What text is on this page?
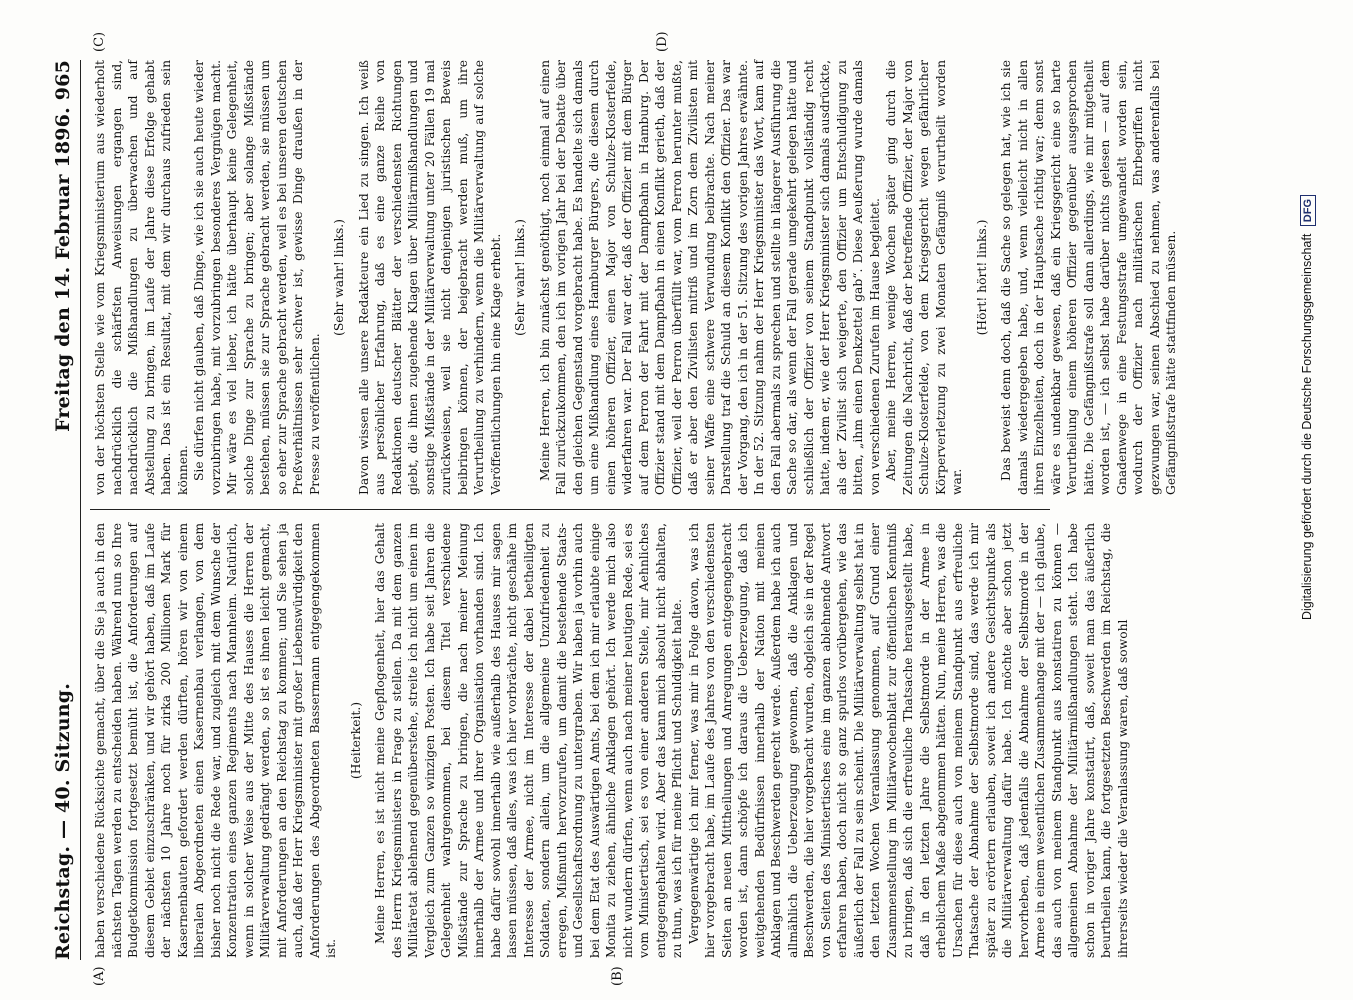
Reichstag. — 40. Sitzung.
Freitag den 14. Februar 1896. 965

haben verschiedene Rücksichte gemacht, über die Sie ja auch in den nächsten Tagen werden zu entscheiden haben. Während nun so Ihre Budgetkommission fortgesetzt bemüht ist, die Anforderungen auf diesem Gebiet einzuschränken, und wir gehört haben, daß im Laufe der nächsten 10 Jahre noch für zirka 200 Millionen Mark für Kasernenbauten gefordert werden dürften, hören wir von einem liberalen Abgeordneten einen Kasernenbau verlangen, von dem bisher noch nicht die Rede war, und zugleich mit dem Wunsche der Konzentration eines ganzen Regiments nach Mannheim. Natürlich, wenn in solcher Weise aus der Mitte des Hauses die Herren der Militärverwaltung gedrängt werden, so ist es ihnen leicht gemacht, mit Anforderungen an den Reichstag zu kommen; und Sie sehen ja auch, daß der Herr Kriegsminister mit großer Liebenswürdigkeit den Anforderungen des Abgeordneten Bassermann entgegengekommen ist.

(Heiterkeit.) Meine Herren, es ist nicht meine Gepflogenheit, hier das Gehalt des Herrn Kriegsministers in Frage zu stellen. Da mit dem ganzen Militäretat ablehnend gegenüberstehe, streite ich nicht um einen im Vergleich zum Ganzen so winzigen Posten. Ich habe seit Jahren die Gelegenheit wahrgenommen, bei diesem Titel verschiedene Mißstände zur Sprache zu bringen, die nach meiner Meinung innerhalb der Armee und ihrer Organisation vorhanden sind. Ich habe dafür sowohl innerhalb wie außerhalb des Hauses mir sagen lassen müssen, daß alles, was ich hier vorbrächte, nicht geschähe im Interesse der Armee, nicht im Interesse der dabei betheiligten Soldaten, sondern allein, um die allgemeine Unzufriedenheit zu erregen, Mißmuth hervorzurufen, um damit die bestehende Staats- und Gesellschaftsordnung zu untergraben. Wir haben ja vorhin auch bei dem Etat des Auswärtigen Amts, bei dem ich mir erlaubte einige Monita zu ziehen, ähnliche Anklagen gehört. Ich werde mich also nicht wundern dürfen, wenn auch nach meiner heutigen Rede, sei es vom Ministertisch, sei es von einer anderen Stelle, mir Aehnliches entgegengehalten wird. Aber das kann mich absolut nicht abhalten, zu thun, was ich für meine Pflicht und Schuldigkeit halte. Vergegenwärtige ich mir ferner, was mir in Folge davon, was ich hier vorgebracht habe, im Laufe des Jahres von den verschiedensten Seiten an neuen Mittheilungen und Anregungen entgegengebracht worden ist, dann schöpfe ich daraus die Ueberzeugung, daß ich weitgehenden Bedürfnissen innerhalb der Nation mit meinen Anklagen und Beschwerden gerecht werde. Außerdem habe ich auch allmählich die Ueberzeugung gewonnen, daß die Anklagen und Beschwerden, die hier vorgebracht wurden, obgleich sie in der Regel von Seiten des Ministertisches eine im ganzen ablehnende Antwort erfahren haben, doch nicht so ganz spurlos vorübergehen, wie das äußerlich der Fall zu sein scheint. Die Militärverwaltung selbst hat in den letzten Wochen Veranlassung genommen, auf Grund einer Zusammenstellung im Militärwochenblatt zur öffentlichen Kenntniß zu bringen, daß sich die erfreuliche Thatsache herausgestellt habe, daß in den letzten Jahre die Selbstmorde in der Armee in erheblichem Maße abgenommen hätten. Nun, meine Herren, was die Ursachen für diese auch von meinem Standpunkt aus erfreuliche Thatsache der Abnahme der Selbstmorde sind, das werde ich mir später zu erörtern erlauben, soweit ich andere Gesichtspunkte als die Militärverwaltung dafür habe. Ich möchte aber schon jetzt hervorheben, daß jedenfalls die Abnahme der Selbstmorde in der Armee in einem wesentlichen Zusammenhange mit der — ich glaube, das auch von meinem Standpunkt aus konstatiren zu können — allgemeinen Abnahme der Militärmißhandlungen steht. Ich habe schon in voriger Jahre konstatirt, daß, soweit man das äußerlich beurtheilen kann, die fortgesetzten Beschwerden im Reichstag, die ihrerseits wieder die Veranlassung waren, daß sowohl

von der höchsten Stelle wie vom Kriegsministerium aus wiederholt nachdrücklich die schärfsten Anweisungen ergangen sind, nachdrücklich die Mißhandlungen zu überwachen und auf Abstellung zu bringen, im Laufe der Jahre diese Erfolge gehabt haben. Das ist ein Resultat, mit dem wir durchaus zufrieden sein können. Sie dürfen nicht glauben, daß Dinge, wie ich sie auch heute wieder vorzubringen habe, mit vorzubringen besonderes Vergnügen macht. Mir wäre es viel lieber, ich hätte überhaupt keine Gelegenheit, solche Dinge zur Sprache zu bringen; aber solange Mißstände bestehen, müssen sie zur Sprache gebracht werden, sie müssen um so eher zur Sprache gebracht werden, weil es bei unseren deutschen Preßverhältnissen sehr schwer ist, gewisse Dinge draußen in der Presse zu veröffentlichen.

(Sehr wahr! links.) Davon wissen alle unsere Redakteure ein Lied zu singen. Ich weiß aus persönlicher Erfahrung, daß es eine ganze Reihe von Redaktionen deutscher Blätter der verschiedensten Richtungen giebt, die ihnen zugehende Klagen über Militärmißhandlungen und sonstige Mißstände in der Militärverwaltung unter 20 Fällen 19 mal zurückweisen, weil sie nicht denjenigen juristischen Beweis beibringen können, der beigebracht werden muß, um ihre Verurtheilung zu verhindern, wenn die Militärverwaltung auf solche Veröffentlichungen hin eine Klage erhebt. (Sehr wahr! links.) Meine Herren, ich bin zunächst genöthigt, noch einmal auf einen Fall zurückzukommen, den ich im vorigen Jahr bei der Debatte über den gleichen Gegenstand vorgebracht habe. Es handelte sich damals um eine Mißhandlung eines Hamburger Bürgers, die diesem durch einen höheren Offizier, einen Major von Schulze-Klosterfelde, widerfahren war. Der Fall war der, daß der Offizier mit dem Bürger auf dem Perron der Fahrt mit der Dampfbahn in Hamburg. Der Offizier stand mit dem Dampfbahn in einen Konflikt gerieth, daß der Offizier, weil der Perron überfüllt war, vom Perron herunter mußte, daß er aber den Zivilisten mitriß und im Zorn dem Zivilisten mit seiner Waffe eine schwere Verwundung beibrachte. Nach meiner Darstellung traf die Schuld an diesem Konflikt den Offizier. Das war der Vorgang, den ich in der 51. Sitzung des vorigen Jahres erwähnte. In der 52. Sitzung nahm der Herr Kriegsminister das Wort, kam auf den Fall abermals zu sprechen und stellte in längerer Ausführung die Sache so dar, als wenn der Fall gerade umgekehrt gelegen hätte und schließlich der Offizier von seinem Standpunkt vollständig recht hatte, indem er, wie der Herr Kriegsminister sich damals ausdrückte, als der Zivilist sich weigerte, den Offizier um Entschuldigung zu bitten, „ihm einen Denkzettel gab“. Diese Aeußerung wurde damals von verschiedenen Zurufen im Hause begleitet. Aber, meine Herren, wenige Wochen später ging durch die Zeitungen die Nachricht, daß der betreffende Offizier, der Major von Schulze-Klosterfelde, von dem Kriegsgericht wegen gefährlicher Körperverletzung zu zwei Monaten Gefängniß verurtheilt worden war.

(Hört! hört! links.) Das beweist denn doch, daß die Sache so gelegen hat, wie ich sie damals wiedergegeben habe, und, wenn vielleicht nicht in allen ihren Einzelheiten, doch in der Hauptsache richtig war; denn sonst wäre es undenkbar gewesen, daß ein Kriegsgericht eine so harte Verurtheilung einem höheren Offizier gegenüber ausgesprochen hätte. Die Gefängnißstrafe soll dann allerdings, wie mir mitgetheilt worden ist, — ich selbst habe darüber nichts gelesen — auf dem Gnadenwege in eine Festungsstrafe umgewandelt worden sein, wodurch der Offizier nach militärischen Ehrbegriffen nicht gezwungen war, seinen Abschied zu nehmen, was anderenfalls bei Gefängnißstrafe hätte stattfinden müssen.

(A)	(B)
(C)	(D)
Digitalisierung gefördert durch die Deutsche Forschungsgemeinschaft DFG
